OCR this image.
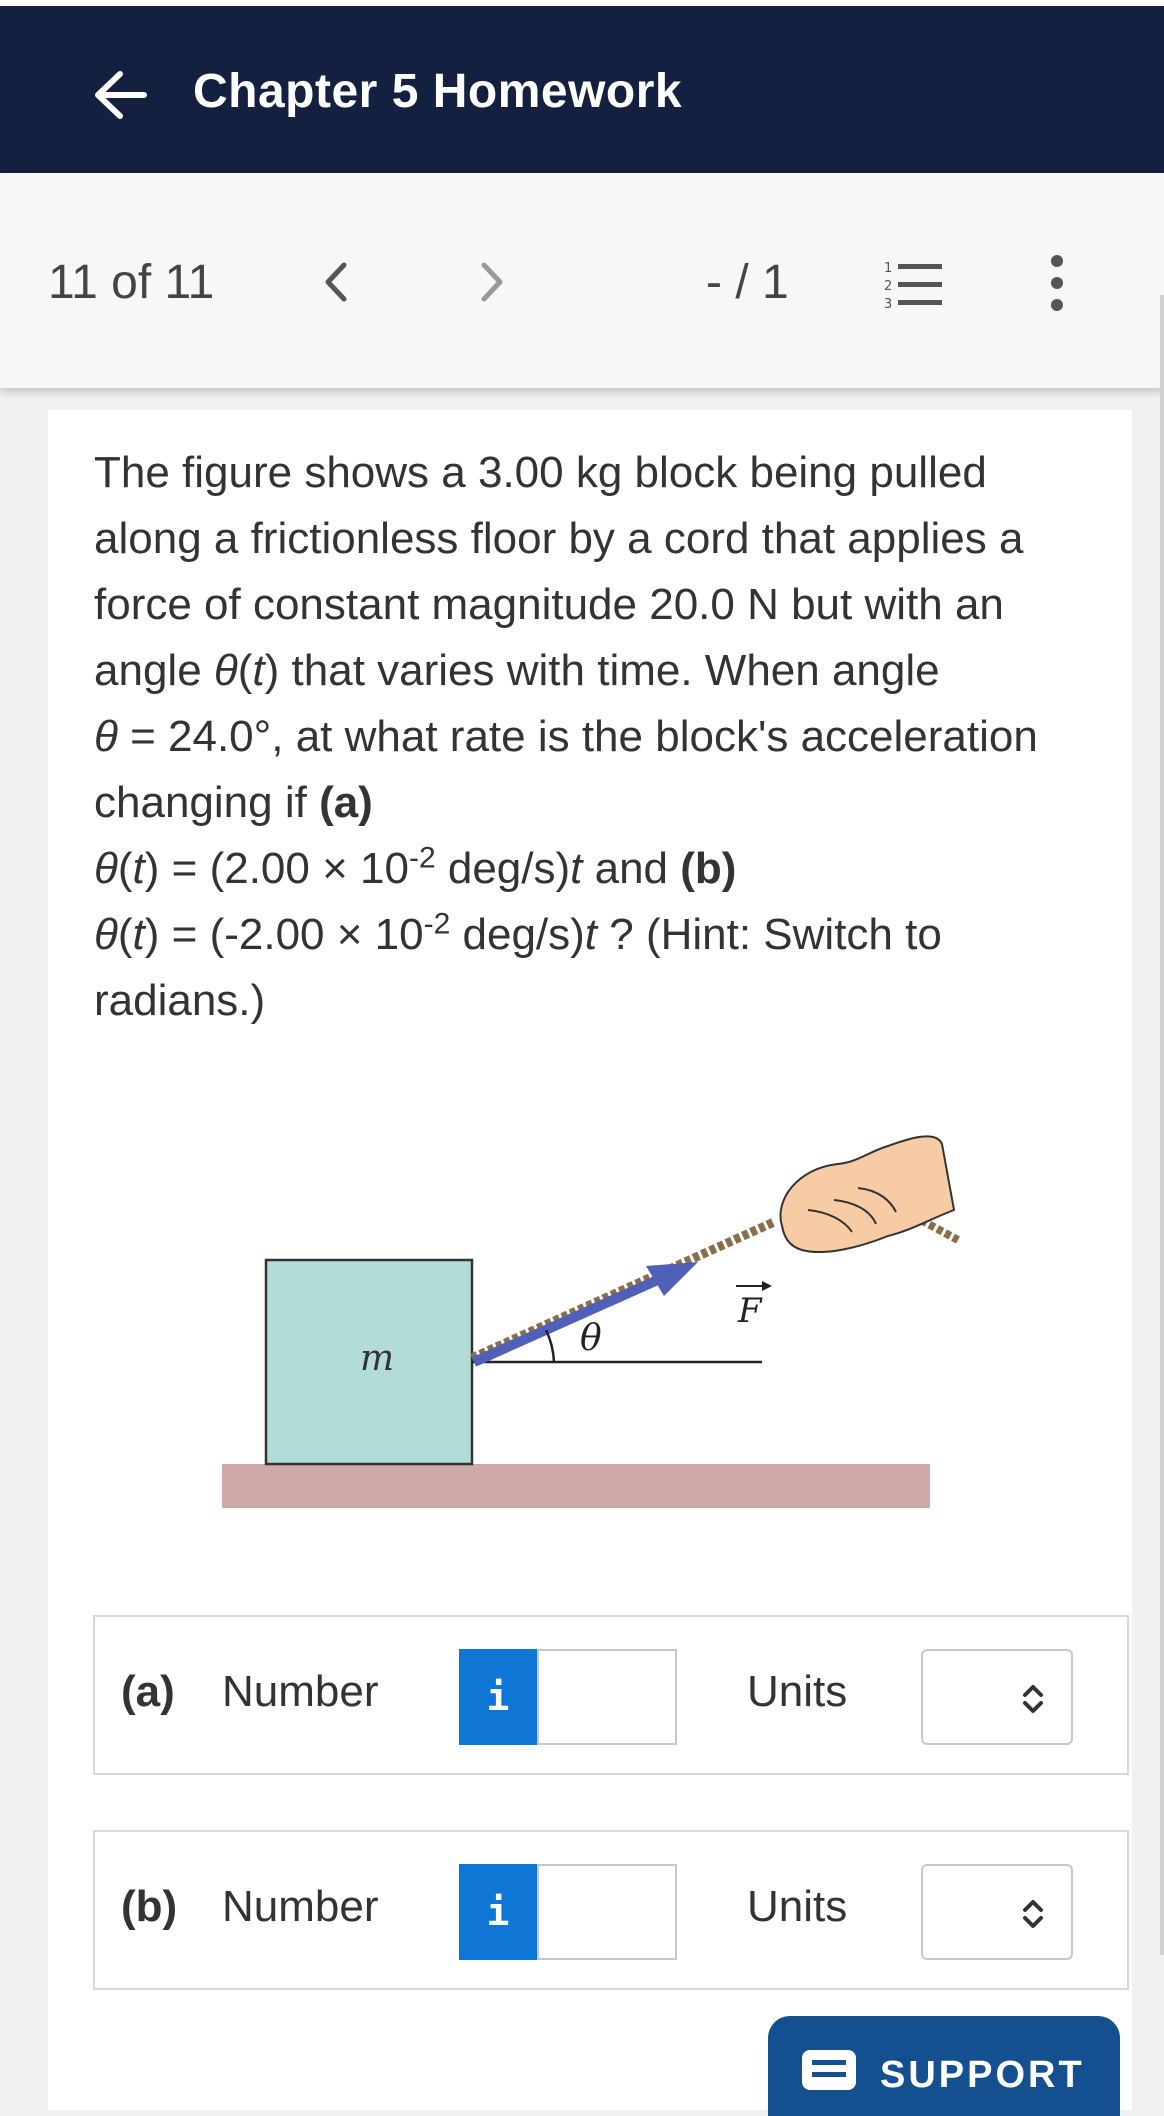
Chapter 5 Homework
11 of 11	- / 1	1
2
3
The figure shows a 3.00 kg block being pulled along a frictionless floor by a cord that applies a force of constant magnitude 20.0 N but with an angle θ(t) that varies with time. When angle
θ = 24.0°, at what rate is the block's acceleration changing if (a)
$\theta(t) = (2.00 \times 10^{-2}$ deg/s)t and (b)
$\theta(t) = (-2.00 \times 10^{-2}$ deg/s)t ? (Hint: Switch to radians.)
m	θ
F
(a) Number	i	Units
(b) Number	i	Units
SUPPORT
